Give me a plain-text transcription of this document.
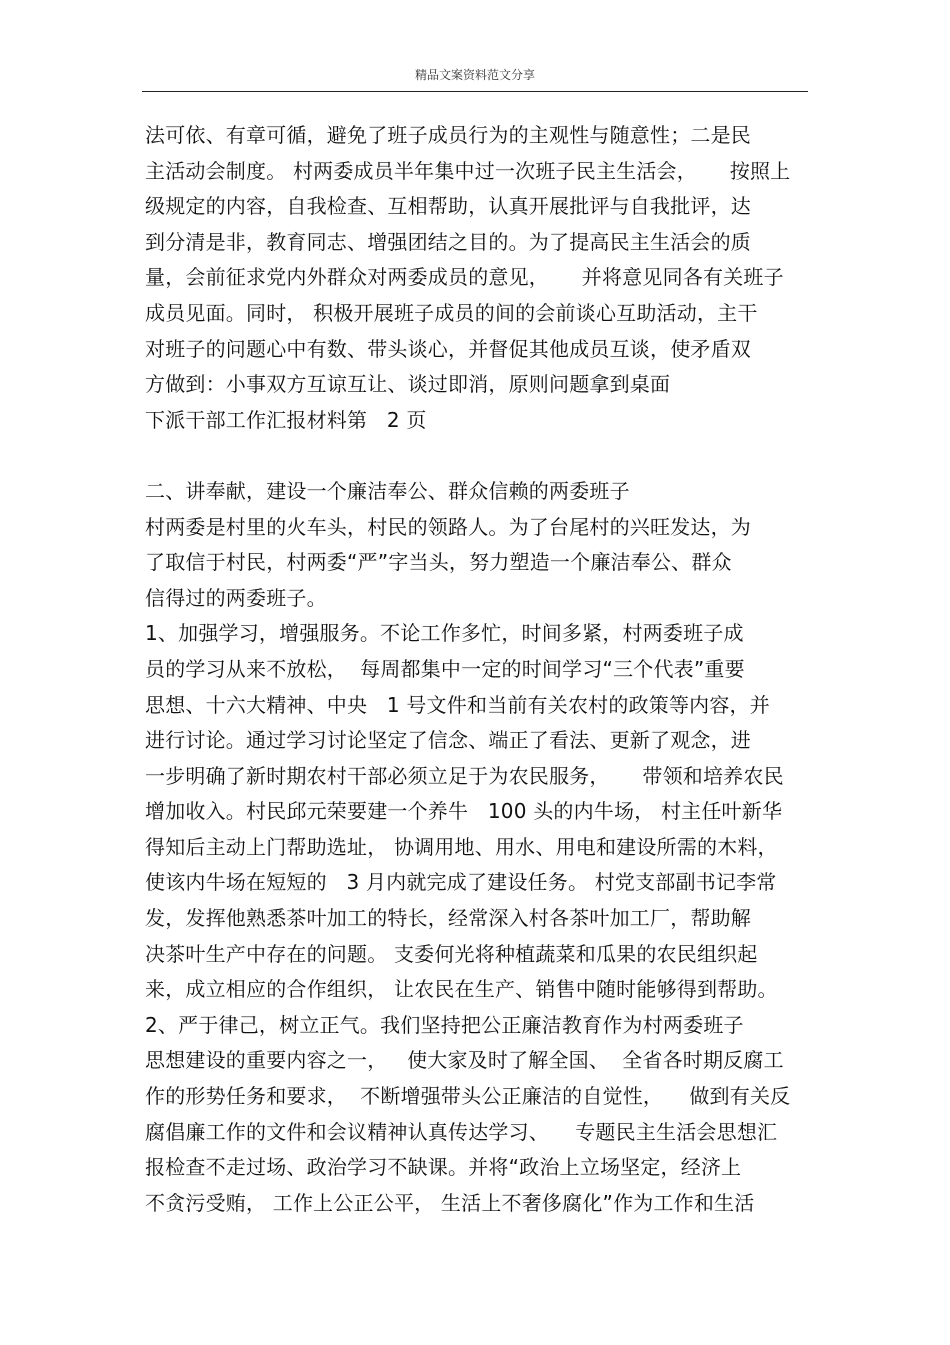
精品文案资料范文分享
法可依、有章可循，避免了班子成员行为的主观性与随意性；二是民
主活动会制度。 村两委成员半年集中过一次班子民主生活会，     按照上
级规定的内容，自我检查、互相帮助，认真开展批评与自我批评，达
到分清是非，教育同志、增强团结之目的。为了提高民主生活会的质
量，会前征求党内外群众对两委成员的意见，     并将意见同各有关班子
成员见面。同时， 积极开展班子成员的间的会前谈心互助活动，主干
对班子的问题心中有数、带头谈心，并督促其他成员互谈，使矛盾双
方做到：小事双方互谅互让、谈过即消，原则问题拿到桌面
下派干部工作汇报材料第   2 页
二、讲奉献，建设一个廉洁奉公、群众信赖的两委班子
村两委是村里的火车头，村民的领路人。为了台尾村的兴旺发达，为
了取信于村民，村两委“严”字当头，努力塑造一个廉洁奉公、群众
信得过的两委班子。
1、加强学习，增强服务。不论工作多忙，时间多紧，村两委班子成
员的学习从来不放松，  每周都集中一定的时间学习“三个代表”重要
思想、十六大精神、中央   1 号文件和当前有关农村的政策等内容，并
进行讨论。通过学习讨论坚定了信念、端正了看法、更新了观念，进
一步明确了新时期农村干部必须立足于为农民服务，     带领和培养农民
增加收入。村民邱元荣要建一个养牛   100 头的内牛场， 村主任叶新华
得知后主动上门帮助选址， 协调用地、用水、用电和建设所需的木料，
使该内牛场在短短的   3 月内就完成了建设任务。 村党支部副书记李常
发，发挥他熟悉茶叶加工的特长，经常深入村各茶叶加工厂，帮助解
决茶叶生产中存在的问题。 支委何光将种植蔬菜和瓜果的农民组织起
来，成立相应的合作组织， 让农民在生产、销售中随时能够得到帮助。
2、严于律己，树立正气。我们坚持把公正廉洁教育作为村两委班子
思想建设的重要内容之一，   使大家及时了解全国、  全省各时期反腐工
作的形势任务和要求，  不断增强带头公正廉洁的自觉性，    做到有关反
腐倡廉工作的文件和会议精神认真传达学习、    专题民主生活会思想汇
报检查不走过场、政治学习不缺课。并将“政治上立场坚定，经济上
不贪污受贿， 工作上公正公平， 生活上不奢侈腐化”作为工作和生活
